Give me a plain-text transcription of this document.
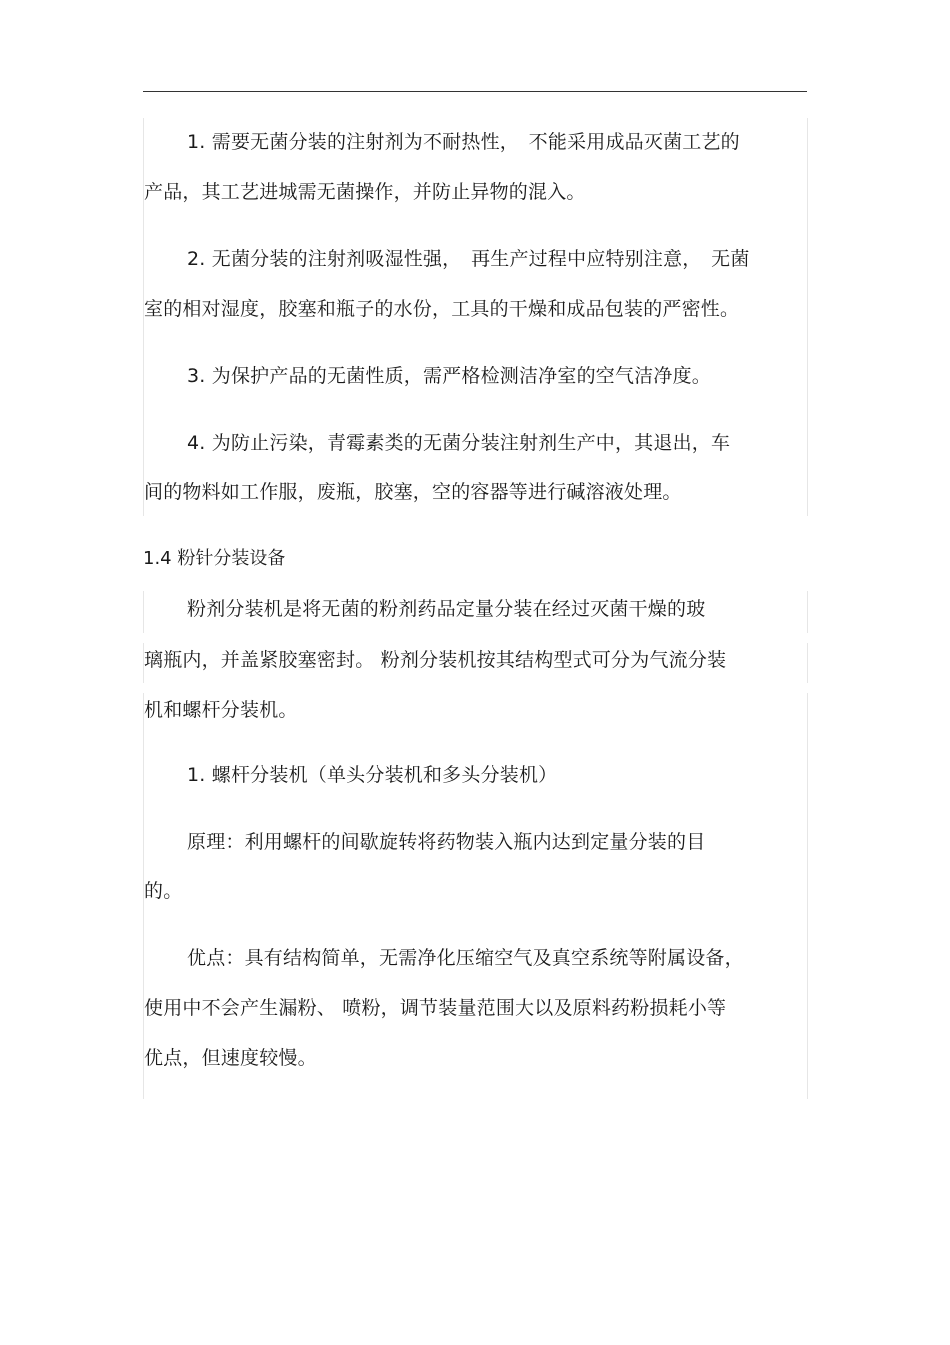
1. 需要无菌分装的注射剂为不耐热性，　不能采用成品灭菌工艺的
产品，其工艺进城需无菌操作，并防止异物的混入。
2. 无菌分装的注射剂吸湿性强，　再生产过程中应特别注意，　无菌
室的相对湿度，胶塞和瓶子的水份，工具的干燥和成品包装的严密性。
3. 为保护产品的无菌性质，需严格检测洁净室的空气洁净度。
4. 为防止污染，青霉素类的无菌分装注射剂生产中，其退出，车
间的物料如工作服，废瓶，胶塞，空的容器等进行碱溶液处理。
1.4 粉针分装设备
粉剂分装机是将无菌的粉剂药品定量分装在经过灭菌干燥的玻
璃瓶内，并盖紧胶塞密封。 粉剂分装机按其结构型式可分为气流分装
机和螺杆分装机。
1. 螺杆分装机（单头分装机和多头分装机）
原理：利用螺杆的间歇旋转将药物装入瓶内达到定量分装的目
的。
优点：具有结构简单，无需净化压缩空气及真空系统等附属设备，
使用中不会产生漏粉、 喷粉，调节装量范围大以及原料药粉损耗小等
优点，但速度较慢。
